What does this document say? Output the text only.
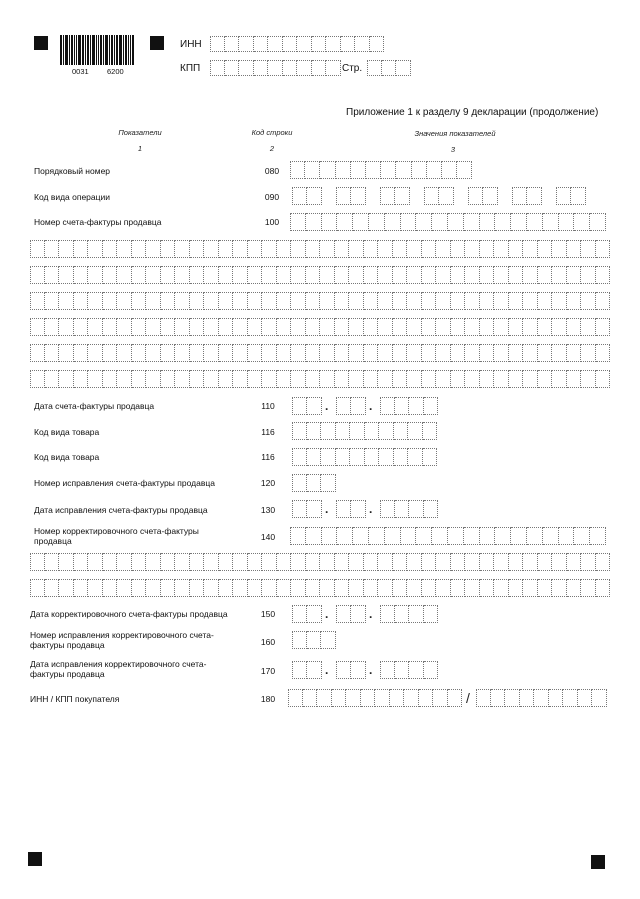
0031 6200
ИНН
КПП	Стр.
Приложение 1 к разделу 9 декларации (продолжение)
Показатели
1
Код строки
2
Значения показателей
3
Порядковый номер	080
Код вида операции	090
Номер счета-фактуры продавца	100
Дата счета-фактуры продавца	110	.	.
Код вида товара	116
Код вида товара	116
Номер исправления счета-фактуры продавца	120
Дата исправления счета-фактуры продавца	130	.	.
Номер корректировочного счета-фактуры продавца	140
Дата корректировочного счета-фактуры продавца	150	.	.
Номер исправления корректировочного счета-фактуры продавца	160
Дата исправления корректировочного счета-фактуры продавца	170	.	.
ИНН / КПП покупателя	180	/
